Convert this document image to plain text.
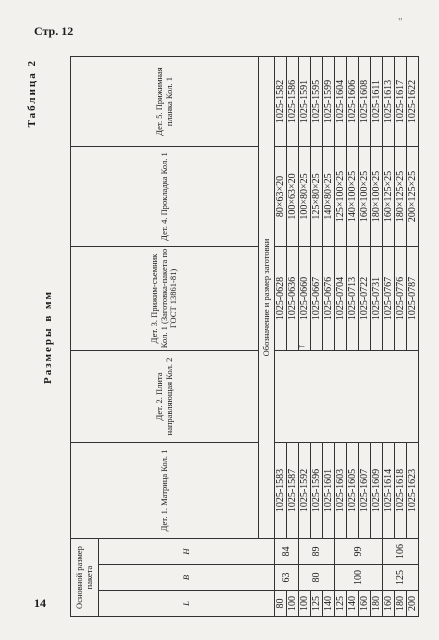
Стр. 12
"
14
Таблица 2
Размеры в мм	↑
Основной размер пакета			Дет. 1. Матрица Кол. 1	Дет. 2. Плита направляющая Кол. 2	Дет. 3. Прижим-съемник Кол. 1 (Заготовка-пакета по ГОСТ 13861-81)	Дет. 4. Прокладка Кол. 1	Дет. 5. Прижимная планка Кол. 1
L	B	H					
			Обозначение и размер заготовки				
80	63	84	1025-1583		1025-0628	80×63×20	1025-1582
100			1025-1587		1025-0636	100×63×20	1025-1586
100	80	89	1025-1592		1025-0660	100×80×25	1025-1591
125			1025-1596		1025-0667	125×80×25	1025-1595
140			1025-1601		1025-0676	140×80×25	1025-1599
125	100	99	1025-1603		1025-0704	125×100×25	1025-1604
140			1025-1605		1025-0713	140×100×25	1025-1606
160			1025-1607		1025-0722	160×100×25	1025-1608
180			1025-1609		1025-0731	180×100×25	1025-1611
160	125	106	1025-1614		1025-0767	160×125×25	1025-1613
180			1025-1618		1025-0776	180×125×25	1025-1617
200			1025-1623		1025-0787	200×125×25	1025-1622
